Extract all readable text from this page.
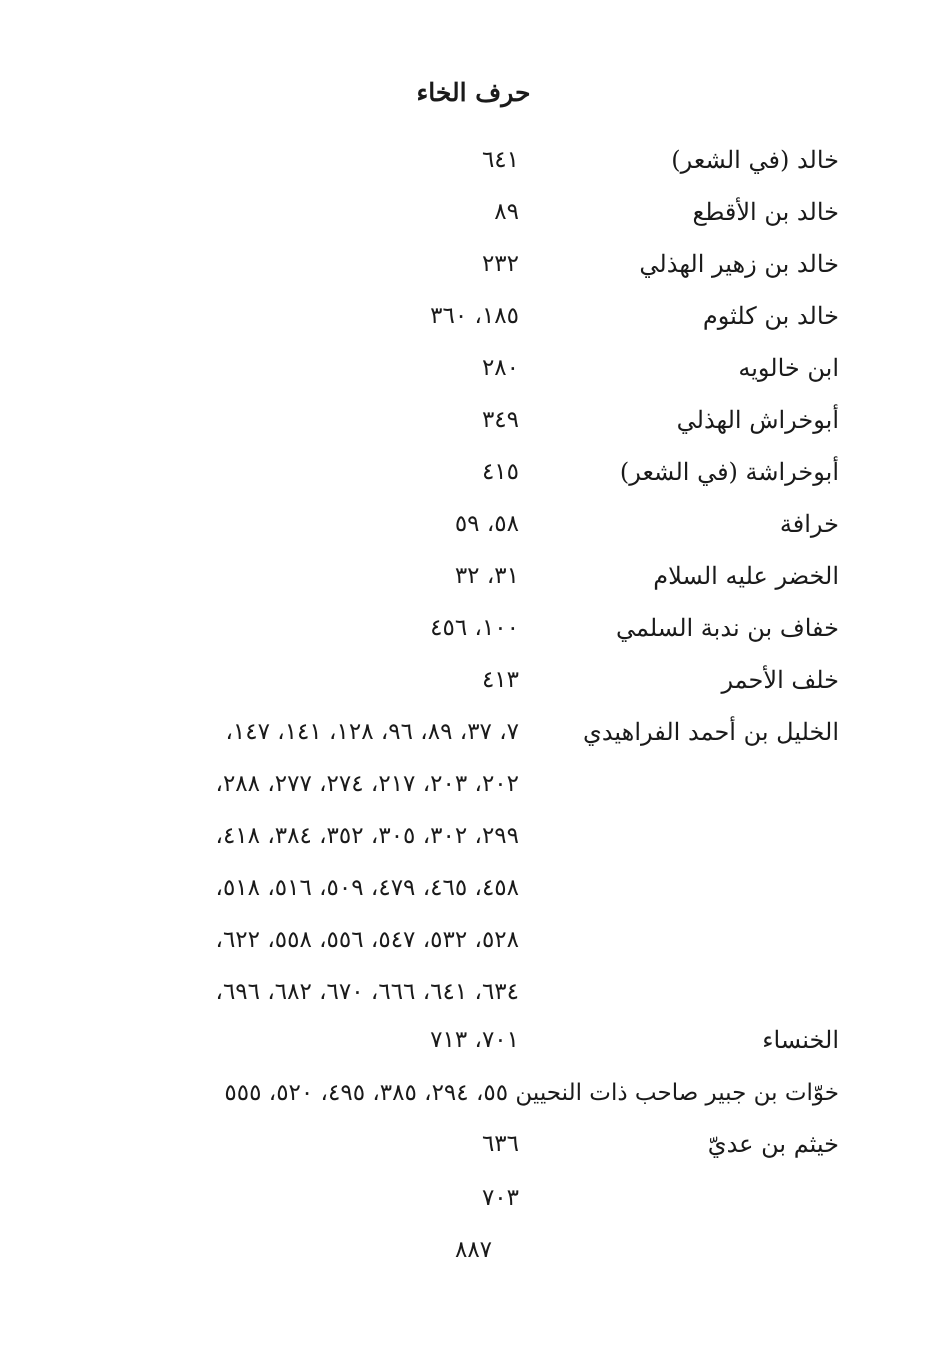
حرف الخاء
خالد (في الشعر)
٦٤١
خالد بن الأقطع
٨٩
خالد بن زهير الهذلي
٢٣٢
خالد بن كلثوم
١٨٥، ٣٦٠
ابن خالويه
٢٨٠
أبوخراش الهذلي
٣٤٩
أبوخراشة (في الشعر)
٤١٥
خرافة
٥٨، ٥٩
الخضر عليه السلام
٣١، ٣٢
خفاف بن ندبة السلمي
١٠٠، ٤٥٦
خلف الأحمر
٤١٣
الخليل بن أحمد الفراهيدي
٧، ٣٧، ٨٩، ٩٦، ١٢٨، ١٤١، ١٤٧،
٢٠٢، ٢٠٣، ٢١٧، ٢٧٤، ٢٧٧، ٢٨٨،
٢٩٩، ٣٠٢، ٣٠٥، ٣٥٢، ٣٨٤، ٤١٨،
٤٥٨، ٤٦٥، ٤٧٩، ٥٠٩، ٥١٦، ٥١٨،
٥٢٨، ٥٣٢، ٥٤٧، ٥٥٦، ٥٥٨، ٦٢٢،
٦٣٤، ٦٤١، ٦٦٦، ٦٧٠، ٦٨٢، ٦٩٦،
الخنساء
٧٠١، ٧١٣
خوّات بن جبير صاحب ذات النحيين ٥٥، ٢٩٤، ٣٨٥، ٤٩٥، ٥٢٠، ٥٥٥
خيثم بن عديّ
٦٣٦
٧٠٣
٨٨٧
